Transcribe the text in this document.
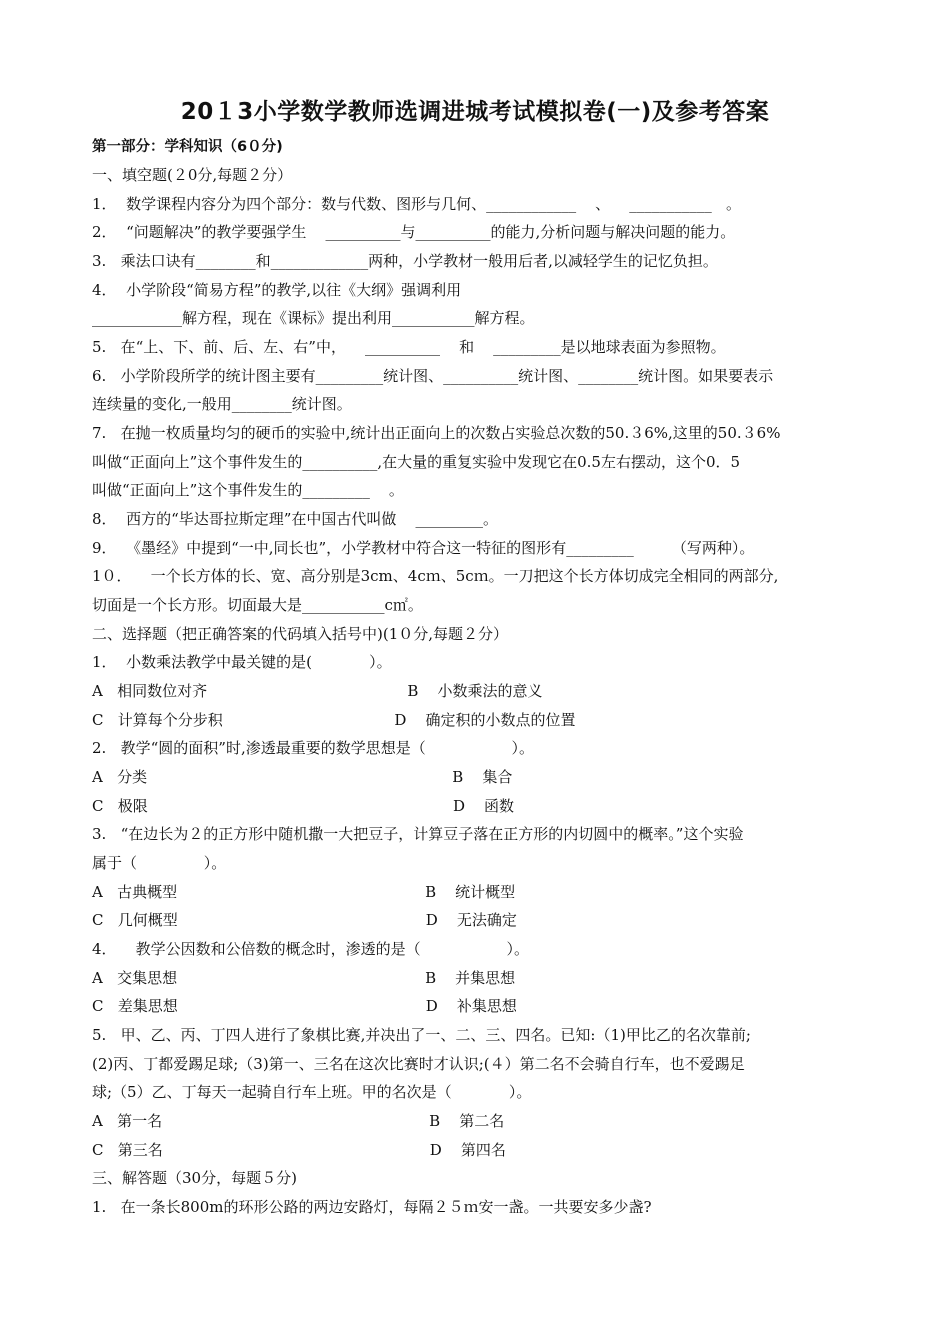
20１3小学数学教师选调进城考试模拟卷(一)及参考答案
第一部分：学科知识（6０分)
一、填空题(２0分,每题２分）
1．  数学课程内容分为四个部分：数与代数、图形与几何、____________    、    ___________   。
2．  “问题解决”的教学要强学生    __________与__________的能力,分析问题与解决问题的能力。
3.   乘法口诀有________和_____________两种，小学教材一般用后者,以减轻学生的记忆负担。
4．  小学阶段“简易方程”的教学,以往《大纲》强调利用
____________解方程，现在《课标》提出利用___________解方程。
5.   在“上、下、前、后、左、右”中，    __________    和    _________是以地球表面为参照物。
6.   小学阶段所学的统计图主要有_________统计图、__________统计图、________统计图。如果要表示
连续量的变化,一般用________统计图。
7.   在抛一枚质量均匀的硬币的实验中,统计出正面向上的次数占实验总次数的50.３6%,这里的50.３6%
叫做“正面向上”这个事件发生的__________,在大量的重复实验中发现它在0.5左右摆动，这个0．5
叫做“正面向上”这个事件发生的_________    。
8．  西方的“毕达哥拉斯定理”在中国古代叫做    _________。
9．  《墨经》中提到“一中,同长也”，小学教材中符合这一特征的图形有_________        （写两种）。
1０．    一个长方体的长、宽、高分别是3cm、4cｍ、5cｍ。一刀把这个长方体切成完全相同的两部分,
切面是一个长方形。切面最大是___________c㎡。
二、选择题（把正确答案的代码填入括号中)(1０分,每题２分）
1．  小数乘法教学中最关键的是(            ）。
A   相同数位对齐                                          B    小数乘法的意义
C   计算每个分步积                                    D    确定积的小数点的位置
2.   教学“圆的面积”时,渗透最重要的数学思想是（                  ）。
A   分类                                                                B    集合
C   极限                                                                D    函数
3.   “在边长为２的正方形中随机撒一大把豆子，计算豆子落在正方形的内切圆中的概率。”这个实验
属于（              ）。
A   古典概型                                                    B    统计概型
C   几何概型                                                    D    无法确定
4．    教学公因数和公倍数的概念时，渗透的是（                  ）。
A   交集思想                                                    B    并集思想
C   差集思想                                                    D    补集思想
5.   甲、乙、丙、丁四人进行了象棋比赛,并决出了一、二、三、四名。已知:（1)甲比乙的名次靠前;
(2)丙、丁都爱踢足球;（3)第一、三名在这次比赛时才认识;(４）第二名不会骑自行车，也不爱踢足
球;（5）乙、丁每天一起骑自行车上班。甲的名次是（            ）。
A   第一名                                                        B    第二名
C   第三名                                                        D    第四名
三、解答题（30分，每题５分)
1.   在一条长800m的环形公路的两边安路灯，每隔２５ｍ安一盏。一共要安多少盏?
